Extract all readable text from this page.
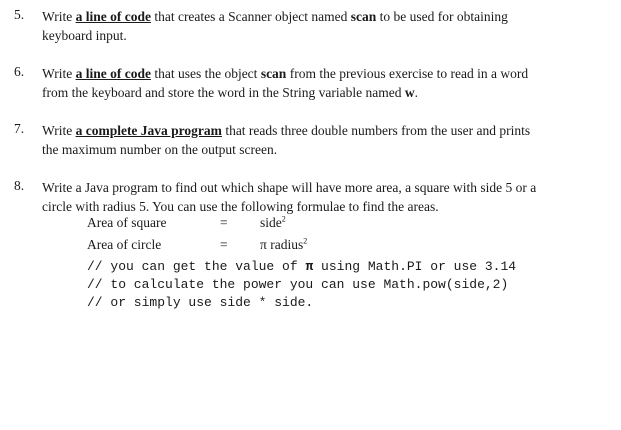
5. Write a line of code that creates a Scanner object named scan to be used for obtaining
keyboard input.
6. Write a line of code that uses the object scan from the previous exercise to read in a word
from the keyboard and store the word in the String variable named w.
7. Write a complete Java program that reads three double numbers from the user and prints
the maximum number on the output screen.
8. Write a Java program to find out which shape will have more area, a square with side 5 or a
circle with radius 5. You can use the following formulae to find the areas.
Area of square	= side$^2$
Area of circle	= π radius$^2$
// you can get the value of π using Math.PI or use 3.14
// to calculate the power you can use Math.pow(side,2)
// or simply use side * side.
